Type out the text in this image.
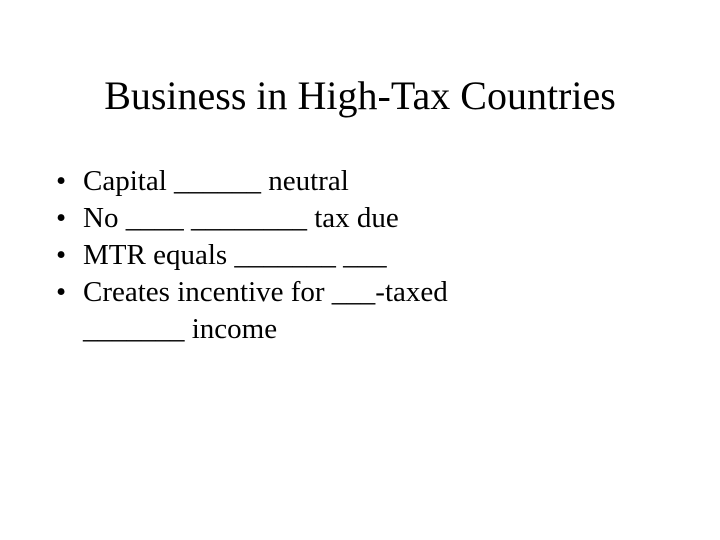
Business in High-Tax Countries
• Capital ______ neutral
• No ____ ________ tax due
• MTR equals _______ ___
• Creates incentive for ___-taxed _______ income
